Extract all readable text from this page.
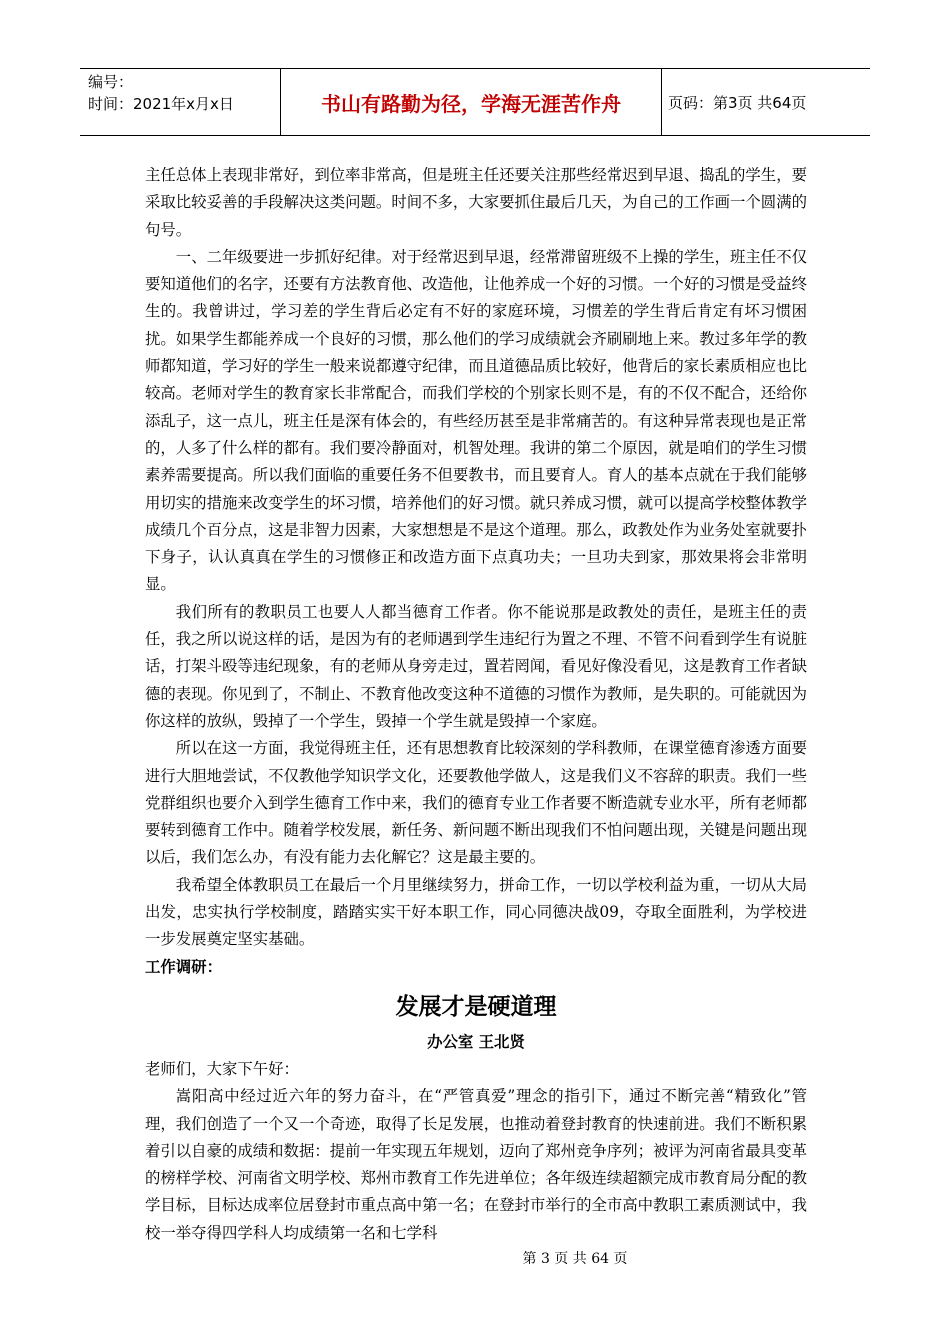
编号：
时间：2021年x月x日	书山有路勤为径，学海无涯苦作舟	页码：第3页 共64页

主任总体上表现非常好，到位率非常高，但是班主任还要关注那些经常迟到早退、捣乱的学生，要采取比较妥善的手段解决这类问题。时间不多，大家要抓住最后几天，为自己的工作画一个圆满的句号。

一、二年级要进一步抓好纪律。对于经常迟到早退，经常滞留班级不上操的学生，班主任不仅要知道他们的名字，还要有方法教育他、改造他，让他养成一个好的习惯。一个好的习惯是受益终生的。我曾讲过，学习差的学生背后必定有不好的家庭环境，习惯差的学生背后肯定有坏习惯困扰。如果学生都能养成一个良好的习惯，那么他们的学习成绩就会齐刷刷地上来。教过多年学的教师都知道，学习好的学生一般来说都遵守纪律，而且道德品质比较好，他背后的家长素质相应也比较高。老师对学生的教育家长非常配合，而我们学校的个别家长则不是，有的不仅不配合，还给你添乱子，这一点儿，班主任是深有体会的，有些经历甚至是非常痛苦的。有这种异常表现也是正常的，人多了什么样的都有。我们要冷静面对，机智处理。我讲的第二个原因，就是咱们的学生习惯素养需要提高。所以我们面临的重要任务不但要教书，而且要育人。育人的基本点就在于我们能够用切实的措施来改变学生的坏习惯，培养他们的好习惯。就只养成习惯，就可以提高学校整体教学成绩几个百分点，这是非智力因素，大家想想是不是这个道理。那么，政教处作为业务处室就要扑下身子，认认真真在学生的习惯修正和改造方面下点真功夫；一旦功夫到家，那效果将会非常明显。

我们所有的教职员工也要人人都当德育工作者。你不能说那是政教处的责任，是班主任的责任，我之所以说这样的话，是因为有的老师遇到学生违纪行为置之不理、不管不问看到学生有说脏话，打架斗殴等违纪现象，有的老师从身旁走过，置若罔闻，看见好像没看见，这是教育工作者缺德的表现。你见到了，不制止、不教育他改变这种不道德的习惯作为教师，是失职的。可能就因为你这样的放纵，毁掉了一个学生，毁掉一个学生就是毁掉一个家庭。

所以在这一方面，我觉得班主任，还有思想教育比较深刻的学科教师，在课堂德育渗透方面要进行大胆地尝试，不仅教他学知识学文化，还要教他学做人，这是我们义不容辞的职责。我们一些党群组织也要介入到学生德育工作中来，我们的德育专业工作者要不断造就专业水平，所有老师都要转到德育工作中。随着学校发展，新任务、新问题不断出现我们不怕问题出现，关键是问题出现以后，我们怎么办，有没有能力去化解它？这是最主要的。

我希望全体教职员工在最后一个月里继续努力，拼命工作，一切以学校利益为重，一切从大局出发，忠实执行学校制度，踏踏实实干好本职工作，同心同德决战09，夺取全面胜利，为学校进一步发展奠定坚实基础。

工作调研：

发展才是硬道理
办公室 王北贤

老师们，大家下午好：

嵩阳高中经过近六年的努力奋斗，在“严管真爱”理念的指引下，通过不断完善“精致化”管理，我们创造了一个又一个奇迹，取得了长足发展，也推动着登封教育的快速前进。我们不断积累着引以自豪的成绩和数据：提前一年实现五年规划，迈向了郑州竞争序列；被评为河南省最具变革的榜样学校、河南省文明学校、郑州市教育工作先进单位；各年级连续超额完成市教育局分配的教学目标，目标达成率位居登封市重点高中第一名；在登封市举行的全市高中教职工素质测试中，我校一举夺得四学科人均成绩第一名和七学科

第 3 页 共 64 页
